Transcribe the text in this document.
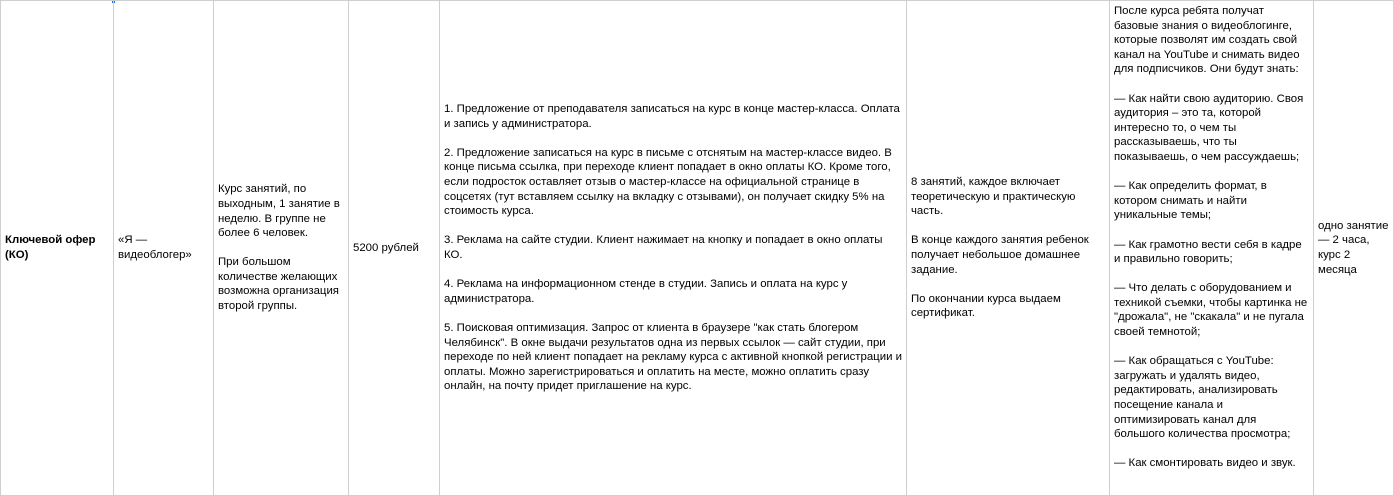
Ключевой офер (КО)

«Я — видеоблогер»

Курс занятий, по выходным, 1 занятие в неделю. В группе не более 6 человек.
При большом количестве желающих возможна организация второй группы.

5200 рублей

1. Предложение от преподавателя записаться на курс в конце мастер-класса. Оплата и запись у администратора.
2. Предложение записаться на курс в письме с отснятым на мастер-классе видео. В конце письма ссылка, при переходе клиент попадает в окно оплаты КО. Кроме того, если подросток оставляет отзыв о мастер-классе на официальной странице в соцсетях (тут вставляем ссылку на вкладку с отзывами), он получает скидку 5% на стоимость курса.
3. Реклама на сайте студии. Клиент нажимает на кнопку и попадает в окно оплаты КО.
4. Реклама на информационном стенде в студии. Запись и оплата на курс у администратора.
5. Поисковая оптимизация. Запрос от клиента в браузере "как стать блогером Челябинск". В окне выдачи результатов одна из первых ссылок — сайт студии, при переходе по ней клиент попадает на рекламу курса с активной кнопкой регистрации и оплаты. Можно зарегистрироваться и оплатить на месте, можно оплатить сразу онлайн, на почту придет приглашение на курс.

8 занятий, каждое включает теоретическую и практическую часть.
В конце каждого занятия ребенок получает небольшое домашнее задание.
По окончании курса выдаем сертификат.

После курса ребята получат базовые знания о видеоблогинге, которые позволят им создать свой канал на YouTube и снимать видео для подписчиков. Они будут знать:
— Как найти свою аудиторию. Своя аудитория – это та, которой интересно то, о чем ты рассказываешь, что ты показываешь, о чем рассуждаешь;
— Как определить формат, в котором снимать и найти уникальные темы;
— Как грамотно вести себя в кадре и правильно говорить;
— Что делать с оборудованием и техникой съемки, чтобы картинка не "дрожала", не "скакала" и не пугала своей темнотой;
— Как обращаться с YouTube: загружать и удалять видео, редактировать, анализировать посещение канала и оптимизировать канал для большого количества просмотра;
— Как смонтировать видео и звук.

одно занятие — 2 часа, курс 2 месяца
